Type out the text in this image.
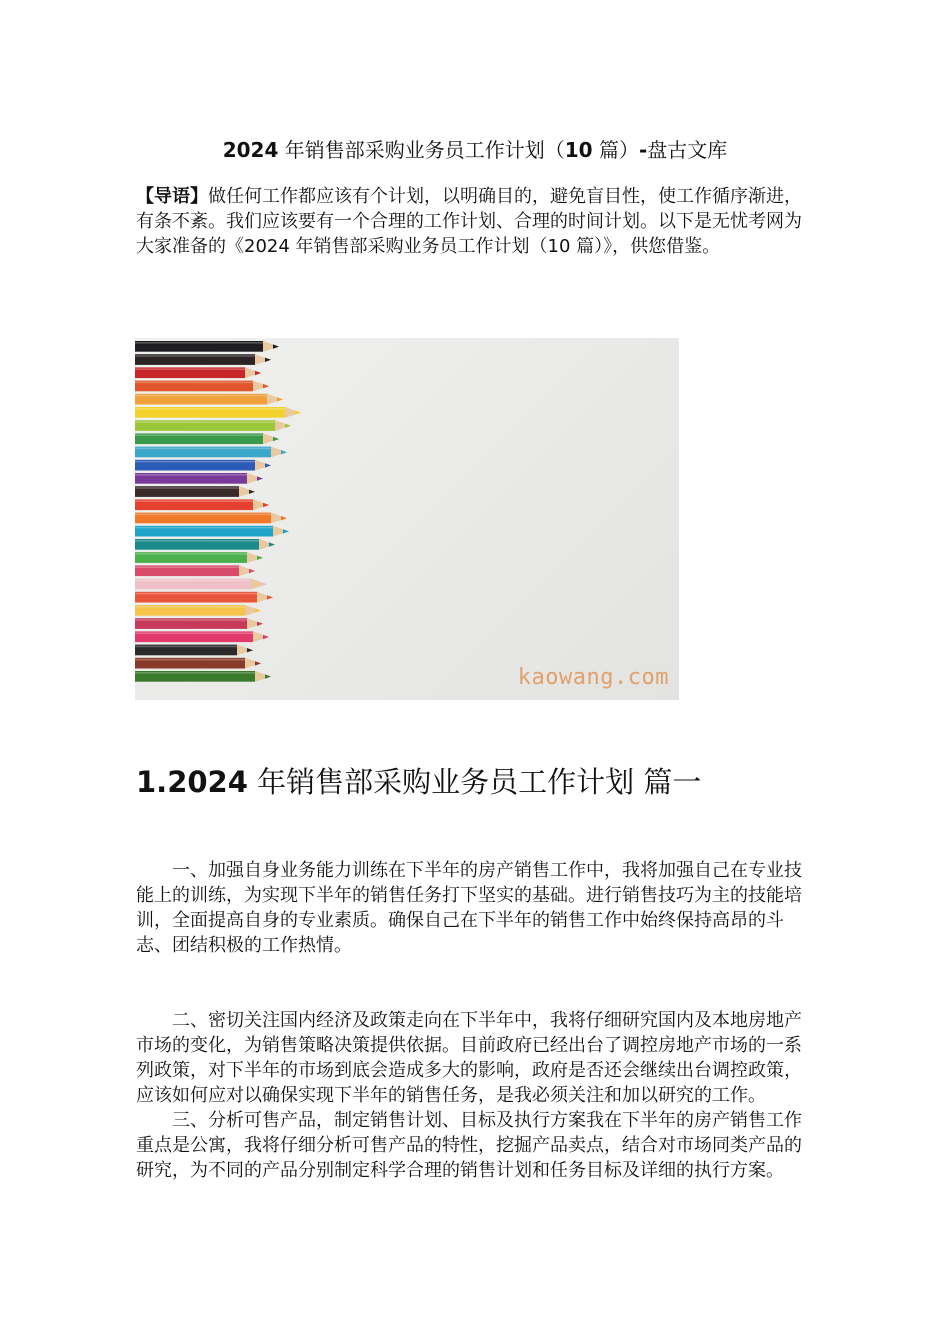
2024 年销售部采购业务员工作计划（10 篇）-盘古文库
【导语】做任何工作都应该有个计划，以明确目的，避免盲目性，使工作循序渐进，有条不紊。我们应该要有一个合理的工作计划、合理的时间计划。以下是无忧考网为大家准备的《2024 年销售部采购业务员工作计划（10 篇）》，供您借鉴。
kaowang.com
1.2024 年销售部采购业务员工作计划 篇一

一、加强自身业务能力训练在下半年的房产销售工作中，我将加强自己在专业技能上的训练，为实现下半年的销售任务打下坚实的基础。进行销售技巧为主的技能培训，全面提高自身的专业素质。确保自己在下半年的销售工作中始终保持高昂的斗志、团结积极的工作热情。

二、密切关注国内经济及政策走向在下半年中，我将仔细研究国内及本地房地产市场的变化，为销售策略决策提供依据。目前政府已经出台了调控房地产市场的一系列政策，对下半年的市场到底会造成多大的影响，政府是否还会继续出台调控政策，应该如何应对以确保实现下半年的销售任务，是我必须关注和加以研究的工作。

三、分析可售产品，制定销售计划、目标及执行方案我在下半年的房产销售工作重点是公寓，我将仔细分析可售产品的特性，挖掘产品卖点，结合对市场同类产品的研究，为不同的产品分别制定科学合理的销售计划和任务目标及详细的执行方案。
